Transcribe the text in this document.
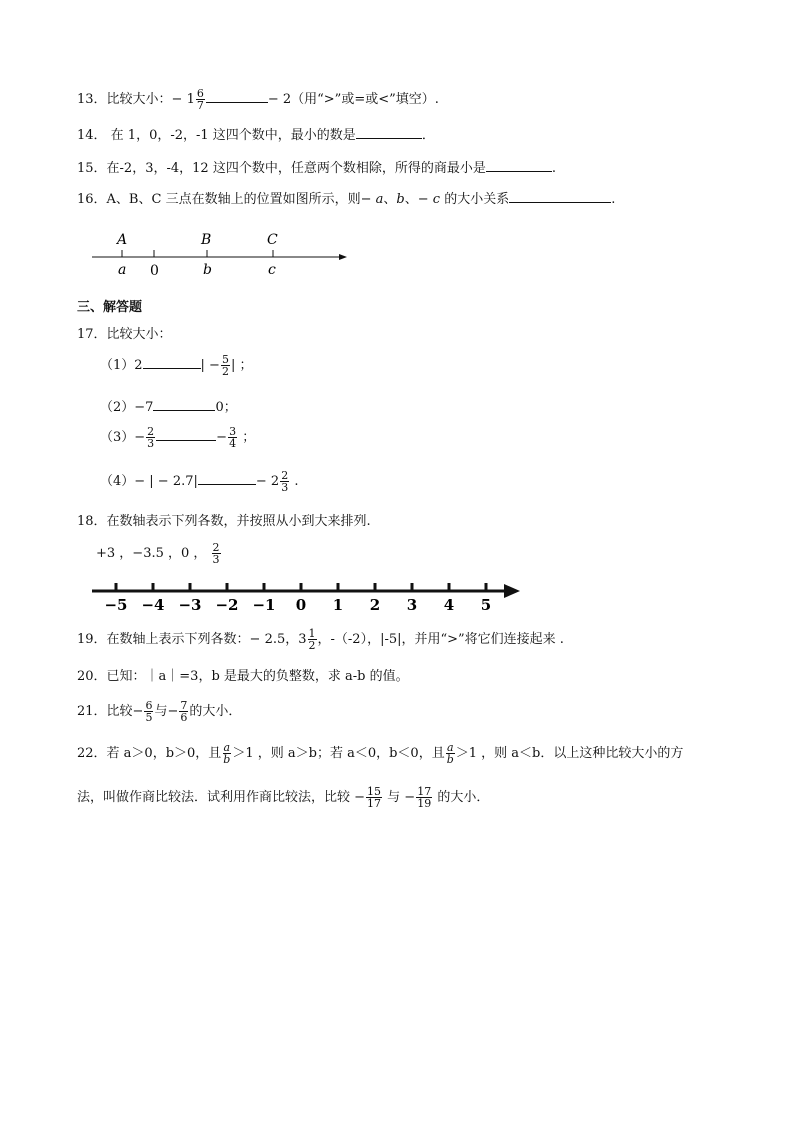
13．比较大小：− $1 \frac{6}{7}$	− 2（用“>”或=或<”填空）.
14． 在 1，0，-2，-1 这四个数中，最小的数是	．
15．在-2，3，-4，12 这四个数中，任意两个数相除，所得的商最小是	.
16．A、B、C 三点在数轴上的位置如图所示，则− a、b、− c 的大小关系	.
A	B	C
a 0	b	c
三、解答题
17．比较大小：
（1）2	| − $\frac{5}{2}$ | ；
（2）−7	0；
$(3)- \frac{2}{3}$	− $\frac{3}{4}$ ；
（4）− | − 2.7|	− $2 \frac{2}{3}$ .
18．在数轴表示下列各数，并按照从小到大来排列.
+3 ，−3.5 ，0 ， $\frac{2}{3}$
−5 −4 −3 −2 −1 0 1 2 3 4 5
19．在数轴上表示下列各数：− 2.5，$3 \frac{1}{2}$ ，-（-2），|-5|，并用“>”将它们连接起来 .
20．已知：｜a｜=3，b 是最大的负整数，求 a-b 的值。
21．比较− $\frac{6}{5}$ 与− $\frac{7}{6}$ 的大小．
22．若 a＞0，b＞0，且 $\frac{a}{b} >1$ ，则 a＞b；若 a＜0，b＜0，且 $\frac{a}{b} >1$ ，则 a＜b．以上这种比较大小的方
法，叫做作商比较法．试利用作商比较法，比较 − $\frac{15}{17}$ 与 − $\frac{17}{19}$ 的大小．
